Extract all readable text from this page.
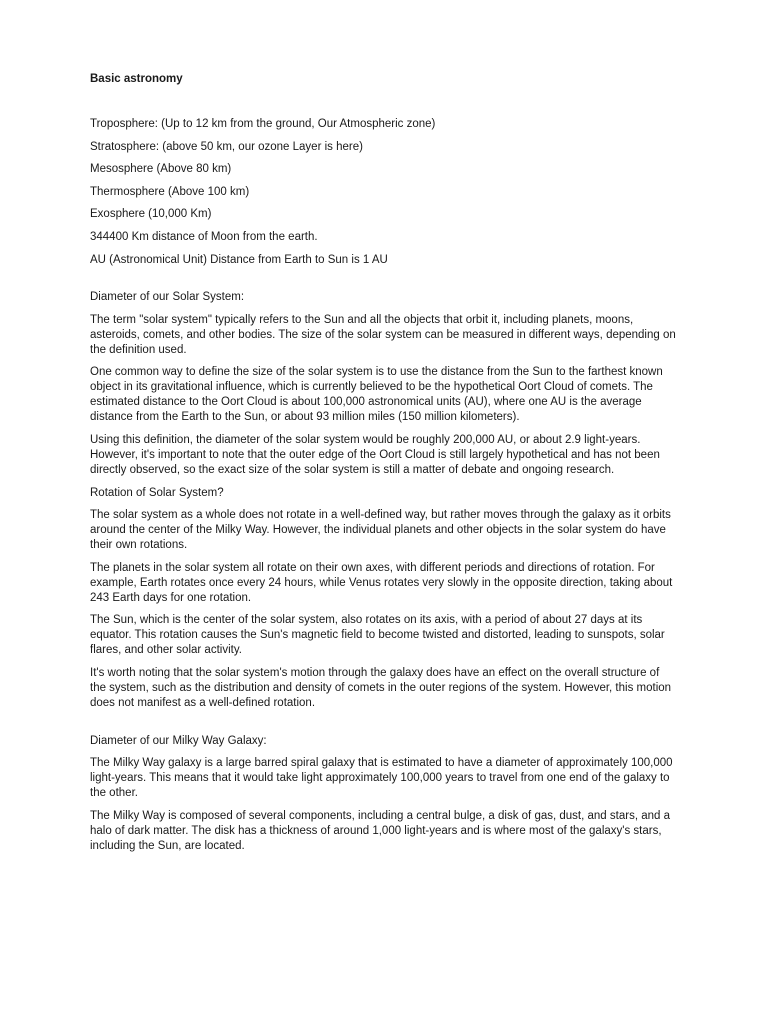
Basic astronomy

Troposphere: (Up to 12 km from the ground, Our Atmospheric zone)

Stratosphere: (above 50 km, our ozone Layer is here)

Mesosphere (Above 80 km)

Thermosphere (Above 100 km)

Exosphere (10,000 Km)

344400 Km distance of Moon from the earth.

AU (Astronomical Unit) Distance from Earth to Sun is 1 AU

Diameter of our Solar System:

The term "solar system" typically refers to the Sun and all the objects that orbit it, including planets, moons, asteroids, comets, and other bodies. The size of the solar system can be measured in different ways, depending on the definition used.

One common way to define the size of the solar system is to use the distance from the Sun to the farthest known object in its gravitational influence, which is currently believed to be the hypothetical Oort Cloud of comets. The estimated distance to the Oort Cloud is about 100,000 astronomical units (AU), where one AU is the average distance from the Earth to the Sun, or about 93 million miles (150 million kilometers).

Using this definition, the diameter of the solar system would be roughly 200,000 AU, or about 2.9 light-years. However, it's important to note that the outer edge of the Oort Cloud is still largely hypothetical and has not been directly observed, so the exact size of the solar system is still a matter of debate and ongoing research.

Rotation of Solar System?

The solar system as a whole does not rotate in a well-defined way, but rather moves through the galaxy as it orbits around the center of the Milky Way. However, the individual planets and other objects in the solar system do have their own rotations.

The planets in the solar system all rotate on their own axes, with different periods and directions of rotation. For example, Earth rotates once every 24 hours, while Venus rotates very slowly in the opposite direction, taking about 243 Earth days for one rotation.

The Sun, which is the center of the solar system, also rotates on its axis, with a period of about 27 days at its equator. This rotation causes the Sun's magnetic field to become twisted and distorted, leading to sunspots, solar flares, and other solar activity.

It's worth noting that the solar system's motion through the galaxy does have an effect on the overall structure of the system, such as the distribution and density of comets in the outer regions of the system. However, this motion does not manifest as a well-defined rotation.

Diameter of our Milky Way Galaxy:

The Milky Way galaxy is a large barred spiral galaxy that is estimated to have a diameter of approximately 100,000 light-years. This means that it would take light approximately 100,000 years to travel from one end of the galaxy to the other.

The Milky Way is composed of several components, including a central bulge, a disk of gas, dust, and stars, and a halo of dark matter. The disk has a thickness of around 1,000 light-years and is where most of the galaxy's stars, including the Sun, are located.
